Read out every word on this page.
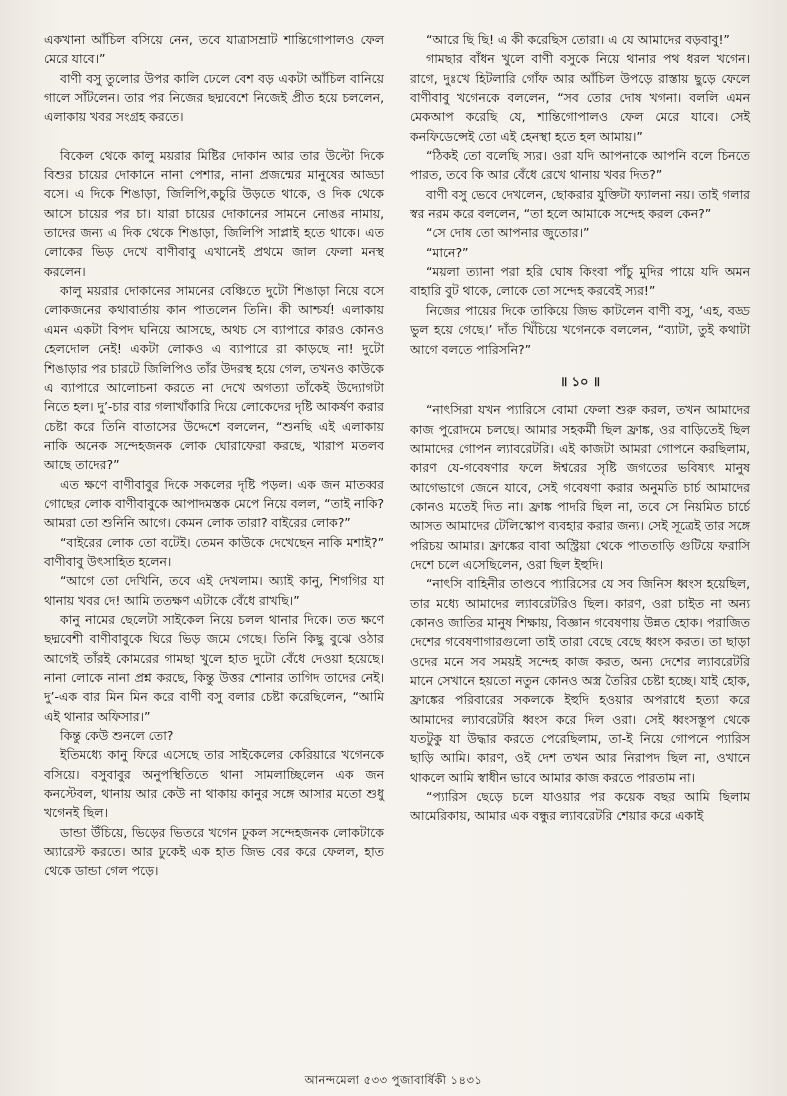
একখানা আঁচিল বসিয়ে নেন, তবে যাত্রাসম্রাট শান্তিগোপালও ফেল মেরে যাবে।”

বাণী বসু তুলোর উপর কালি ঢেলে বেশ বড় একটা আঁচিল বানিয়ে গালে সাঁটলেন। তার পর নিজের ছদ্মবেশে নিজেই প্রীত হয়ে চললেন, এলাকায় খবর সংগ্রহ করতে।

বিকেল থেকে কালু ময়রার মিষ্টির দোকান আর তার উল্টো দিকে বিশুর চায়ের দোকানে নানা পেশার, নানা প্রজন্মের মানুষের আড্ডা বসে। এ দিকে শিঙাড়া, জিলিপি,কচুরি উড়তে থাকে, ও দিক থেকে আসে চায়ের পর চা। যারা চায়ের দোকানের সামনে নোঙর নামায়, তাদের জন্য এ দিক থেকে শিঙাড়া, জিলিপি সাপ্লাই হতে থাকে। এত লোকের ভিড় দেখে বাণীবাবু এখানেই প্রথমে জাল ফেলা মনস্থ করলেন।

কালু ময়রার দোকানের সামনের বেঞ্চিতে দুটো শিঙাড়া নিয়ে বসে লোকজনের কথাবার্তায় কান পাতলেন তিনি। কী আশ্চর্য! এলাকায় এমন একটা বিপদ ঘনিয়ে আসছে, অথচ সে ব্যাপারে কারও কোনও হেলদোল নেই! একটা লোকও এ ব্যাপারে রা কাড়ছে না! দুটো শিঙাড়ার পর চারটে জিলিপিও তাঁর উদরস্থ হয়ে গেল, তখনও কাউকে এ ব্যাপারে আলোচনা করতে না দেখে অগত্যা তাঁকেই উদ্যোগটা নিতে হল। দু’-চার বার গলাখাঁকারি দিয়ে লোকেদের দৃষ্টি আকর্ষণ করার চেষ্টা করে তিনি বাতাসের উদ্দেশে বললেন, “শুনছি এই এলাকায় নাকি অনেক সন্দেহজনক লোক ঘোরাফেরা করছে, খারাপ মতলব আছে তাদের?”

এত ক্ষণে বাণীবাবুর দিকে সকলের দৃষ্টি পড়ল। এক জন মাতব্বর গোছের লোক বাণীবাবুকে আপাদমস্তক মেপে নিয়ে বলল, “তাই নাকি? আমরা তো শুনিনি আগে। কেমন লোক তারা? বাইরের লোক?”

“বাইরের লোক তো বটেই। তেমন কাউকে দেখেছেন নাকি মশাই?” বাণীবাবু উৎসাহিত হলেন।

“আগে তো দেখিনি, তবে এই দেখলাম। অ্যাই কানু, শিগগির যা থানায় খবর দে! আমি ততক্ষণ এটাকে বেঁধে রাখছি।”

কানু নামের ছেলেটা সাইকেল নিয়ে চলল থানার দিকে। তত ক্ষণে ছদ্মবেশী বাণীবাবুকে ঘিরে ভিড় জমে গেছে। তিনি কিছু বুঝে ওঠার আগেই তাঁরই কোমরের গামছা খুলে হাত দুটো বেঁধে দেওয়া হয়েছে। নানা লোকে নানা প্রশ্ন করছে, কিন্তু উত্তর শোনার তাগিদ তাদের নেই। দু’-এক বার মিন মিন করে বাণী বসু বলার চেষ্টা করেছিলেন, “আমি এই থানার অফিসার।”

কিন্তু কেউ শুনলে তো?

ইতিমধ্যে কানু ফিরে এসেছে তার সাইকেলের কেরিয়ারে খগেনকে বসিয়ে। বসুবাবুর অনুপস্থিতিতে থানা সামলাচ্ছিলেন এক জন কনস্টেবল, থানায় আর কেউ না থাকায় কানুর সঙ্গে আসার মতো শুধু খগেনই ছিল।

ডান্ডা উঁচিয়ে, ভিড়ের ভিতরে খগেন ঢুকল সন্দেহজনক লোকটাকে অ্যারেস্ট করতে। আর ঢুকেই এক হাত জিভ বের করে ফেলল, হাত থেকে ডান্ডা গেল পড়ে।

“আরে ছি ছি! এ কী করেছিস তোরা। এ যে আমাদের বড়বাবু!”

গামছার বাঁধন খুলে বাণী বসুকে নিয়ে থানার পথ ধরল খগেন। রাগে, দুঃখে হিটলারি গোঁফ আর আঁচিল উপড়ে রাস্তায় ছুড়ে ফেলে বাণীবাবু খগেনকে বললেন, “সব তোর দোষ খগনা। বললি এমন মেকআপ করেছি যে, শান্তিগোপালও ফেল মেরে যাবে। সেই কনফিডেন্সেই তো এই হেনস্থা হতে হল আমায়।”

“ঠিকই তো বলেছি স্যর। ওরা যদি আপনাকে আপনি বলে চিনতে পারত, তবে কি আর বেঁধে রেখে থানায় খবর দিত?”

বাণী বসু ভেবে দেখলেন, ছোকরার যুক্তিটা ফ্যালনা নয়। তাই গলার স্বর নরম করে বললেন, “তা হলে আমাকে সন্দেহ করল কেন?”

“সে দোষ তো আপনার জুতোর।”

“মানে?”

“ময়লা ত্যানা পরা হরি ঘোষ কিংবা পাঁচু মুদির পায়ে যদি অমন বাহারি বুট থাকে, লোকে তো সন্দেহ করবেই স্যর!”

নিজের পায়ের দিকে তাকিয়ে জিভ কাটলেন বাণী বসু, ‘এহ, বড্ড ভুল হয়ে গেছে।’ দাঁত খিঁচিয়ে খগেনকে বললেন, “ব্যাটা, তুই কথাটা আগে বলতে পারিসনি?”

॥ ১০ ॥

“নাৎসিরা যখন প্যারিসে বোমা ফেলা শুরু করল, তখন আমাদের কাজ পুরোদমে চলছে। আমার সহকর্মী ছিল ফ্রাঙ্ক, ওর বাড়িতেই ছিল আমাদের গোপন ল্যাবরেটরি। এই কাজটা আমরা গোপনে করছিলাম, কারণ যে-গবেষণার ফলে ঈশ্বরের সৃষ্টি জগতের ভবিষ্যৎ মানুষ আগেভাগে জেনে যাবে, সেই গবেষণা করার অনুমতি চার্চ আমাদের কোনও মতেই দিত না। ফ্রাঙ্ক পাদরি ছিল না, তবে সে নিয়মিত চার্চে আসত আমাদের টেলিস্কোপ ব্যবহার করার জন্য। সেই সূত্রেই তার সঙ্গে পরিচয় আমার। ফ্রাঙ্কের বাবা অস্ট্রিয়া থেকে পাততাড়ি গুটিয়ে ফরাসি দেশে চলে এসেছিলেন, ওরা ছিল ইহুদি।

“নাৎসি বাহিনীর তাণ্ডবে প্যারিসের যে সব জিনিস ধ্বংস হয়েছিল, তার মধ্যে আমাদের ল্যাবরেটরিও ছিল। কারণ, ওরা চাইত না অন্য কোনও জাতির মানুষ শিক্ষায়, বিজ্ঞান গবেষণায় উন্নত হোক। পরাজিত দেশের গবেষণাগারগুলো তাই তারা বেছে বেছে ধ্বংস করত। তা ছাড়া ওদের মনে সব সময়ই সন্দেহ কাজ করত, অন্য দেশের ল্যাবরেটরি মানে সেখানে হয়তো নতুন কোনও অস্ত্র তৈরির চেষ্টা হচ্ছে। যাই হোক, ফ্রাঙ্কের পরিবারের সকলকে ইহুদি হওয়ার অপরাধে হত্যা করে আমাদের ল্যাবরেটরি ধ্বংস করে দিল ওরা। সেই ধ্বংসস্তূপ থেকে যতটুকু যা উদ্ধার করতে পেরেছিলাম, তা-ই নিয়ে গোপনে প্যারিস ছাড়ি আমি। কারণ, ওই দেশ তখন আর নিরাপদ ছিল না, ওখানে থাকলে আমি স্বাধীন ভাবে আমার কাজ করতে পারতাম না।

“প্যারিস ছেড়ে চলে যাওয়ার পর কয়েক বছর আমি ছিলাম আমেরিকায়, আমার এক বন্ধুর ল্যাবরেটরি শেয়ার করে একাই

আনন্দমেলা ৫৩৩ পুজাবার্ষিকী ১৪৩১
